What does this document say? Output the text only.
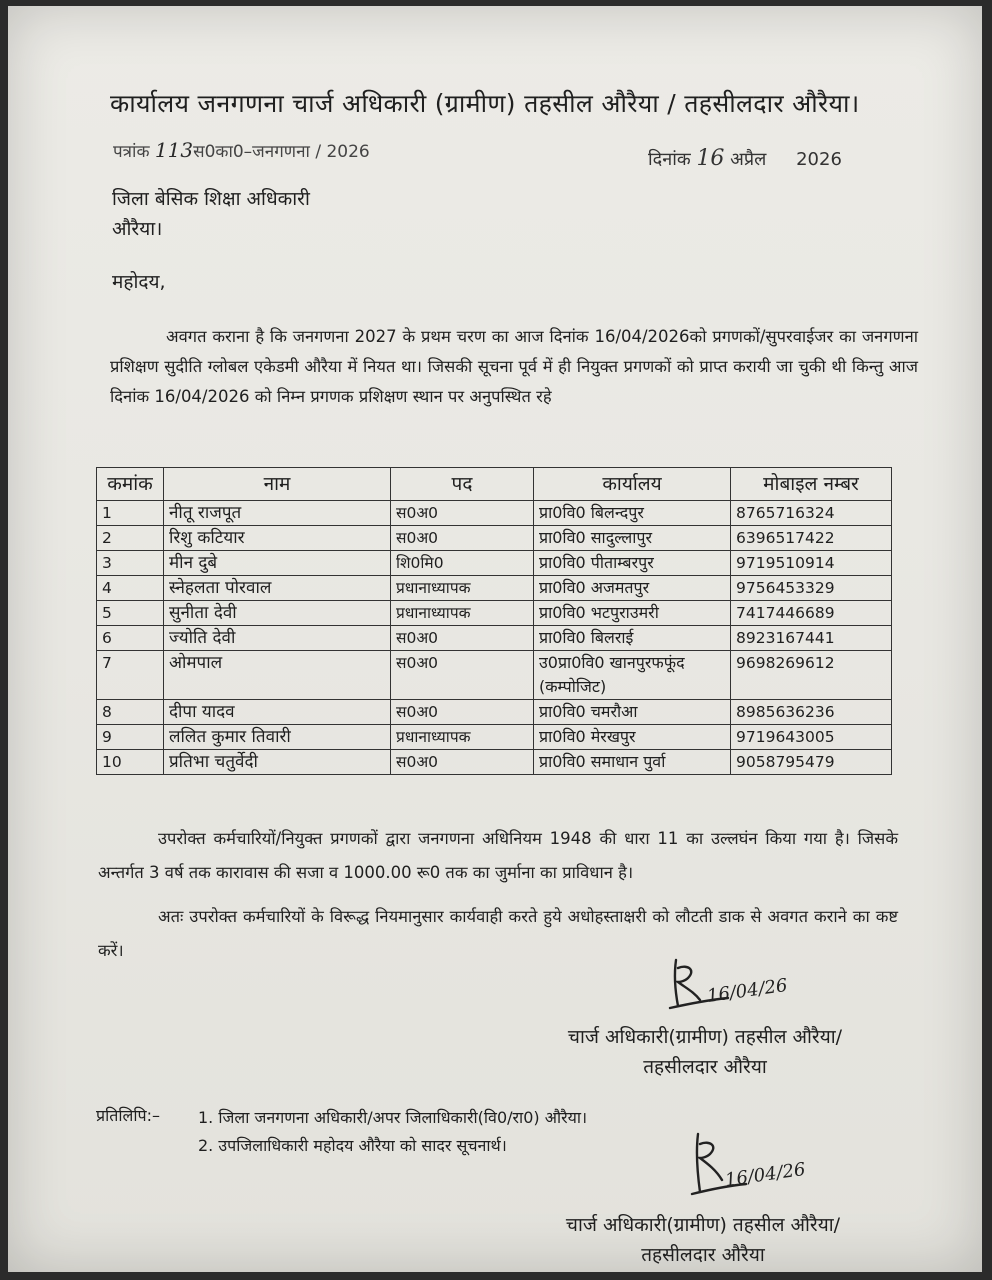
कार्यालय जनगणना चार्ज अधिकारी (ग्रामीण) तहसील औरैया / तहसीलदार औरैया।
पत्रांक 113स0का0–जनगणना / 2026	दिनांक 16 अप्रैल 2026
जिला बेसिक शिक्षा अधिकारी
औरैया।
महोदय,
अवगत कराना है कि जनगणना 2027 के प्रथम चरण का आज दिनांक 16/04/2026को प्रगणकों/सुपरवाईजर का जनगणना प्रशिक्षण सुदीति ग्लोबल एकेडमी औरैया में नियत था। जिसकी सूचना पूर्व में ही नियुक्त प्रगणकों को प्राप्त करायी जा चुकी थी किन्तु आज दिनांक 16/04/2026 को निम्न प्रगणक प्रशिक्षण स्थान पर अनुपस्थित रहे
कमांक	नाम	पद	कार्यालय	मोबाइल नम्बर
1	नीतू राजपूत	स0अ0	प्रा0वि0 बिलन्दपुर	8765716324
2	रिशु कटियार	स0अ0	प्रा0वि0 सादुल्लापुर	6396517422
3	मीन दुबे	शि0मि0	प्रा0वि0 पीताम्बरपुर	9719510914
4	स्नेहलता पोरवाल	प्रधानाध्यापक	प्रा0वि0 अजमतपुर	9756453329
5	सुनीता देवी	प्रधानाध्यापक	प्रा0वि0 भटपुराउमरी	7417446689
6	ज्योति देवी	स0अ0	प्रा0वि0 बिलराई	8923167441
7	ओमपाल	स0अ0	उ0प्रा0वि0 खानपुरफफूंद (कम्पोजिट)	9698269612
8	दीपा यादव	स0अ0	प्रा0वि0 चमरौआ	8985636236
9	ललित कुमार तिवारी	प्रधानाध्यापक	प्रा0वि0 मेरखपुर	9719643005
10	प्रतिभा चतुर्वेदी	स0अ0	प्रा0वि0 समाधान पुर्वा	9058795479
उपरोक्त कर्मचारियों/नियुक्त प्रगणकों द्वारा जनगणना अधिनियम 1948 की धारा 11 का उल्लघंन किया गया है। जिसके अन्तर्गत 3 वर्ष तक कारावास की सजा व 1000.00 रू0 तक का जुर्माना का प्राविधान है।
अतः उपरोक्त कर्मचारियों के विरूद्ध नियमानुसार कार्यवाही करते हुये अधोहस्ताक्षरी को लौटती डाक से अवगत कराने का कष्ट करें।
16/04/26
चार्ज अधिकारी(ग्रामीण) तहसील औरैया/
तहसीलदार औरैया
प्रतिलिपि:– 1. जिला जनगणना अधिकारी/अपर जिलाधिकारी(वि0/रा0) औरैया।
2. उपजिलाधिकारी महोदय औरैया को सादर सूचनार्थ।
16/04/26
चार्ज अधिकारी(ग्रामीण) तहसील औरैया/
तहसीलदार औरैया
